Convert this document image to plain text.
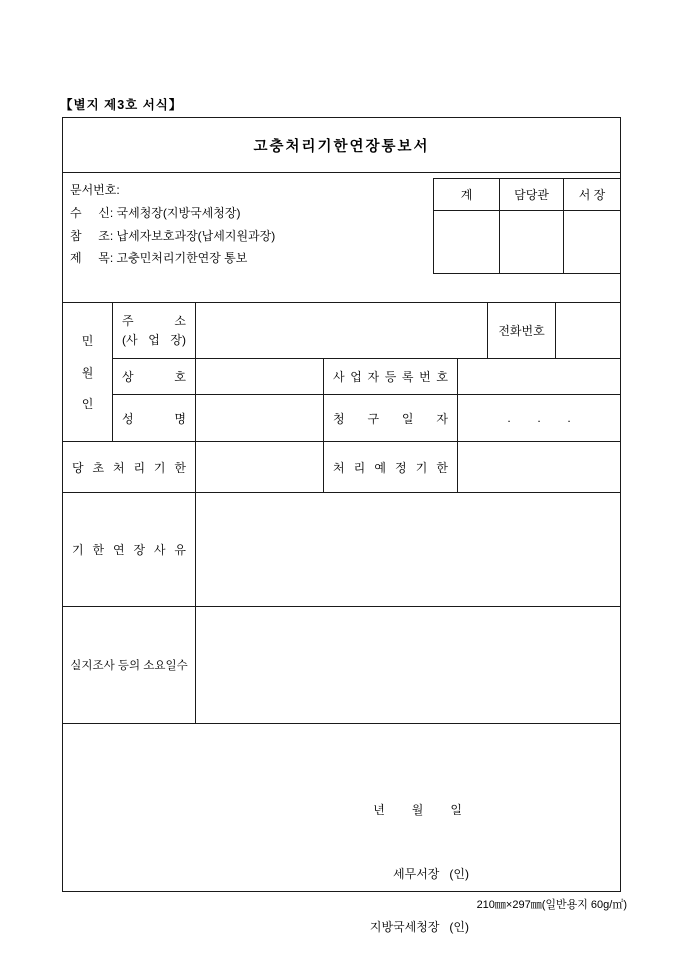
【별지 제3호 서식】
고충처리기한연장통보서
문서번호:
수     신: 국세청장(지방국세청장)
참     조: 납세자보호과장(납세지원과장)
제     목: 고충민처리기한연장 통보
계	담당관	서 장
민
원
인
주 소
(사 업 장)
전화번호
상 호	사 업 자 등 록 번 호
성 명	청 구 일 자	.        .        .
당 초 처 리 기 한	처 리 예 정 기 한
기 한 연 장 사 유
실지조사 등의 소요일수

년      월      일

세무서장   (인)

지방국세청장   (인)

210㎜×297㎜(일반용지 60g/㎡)
